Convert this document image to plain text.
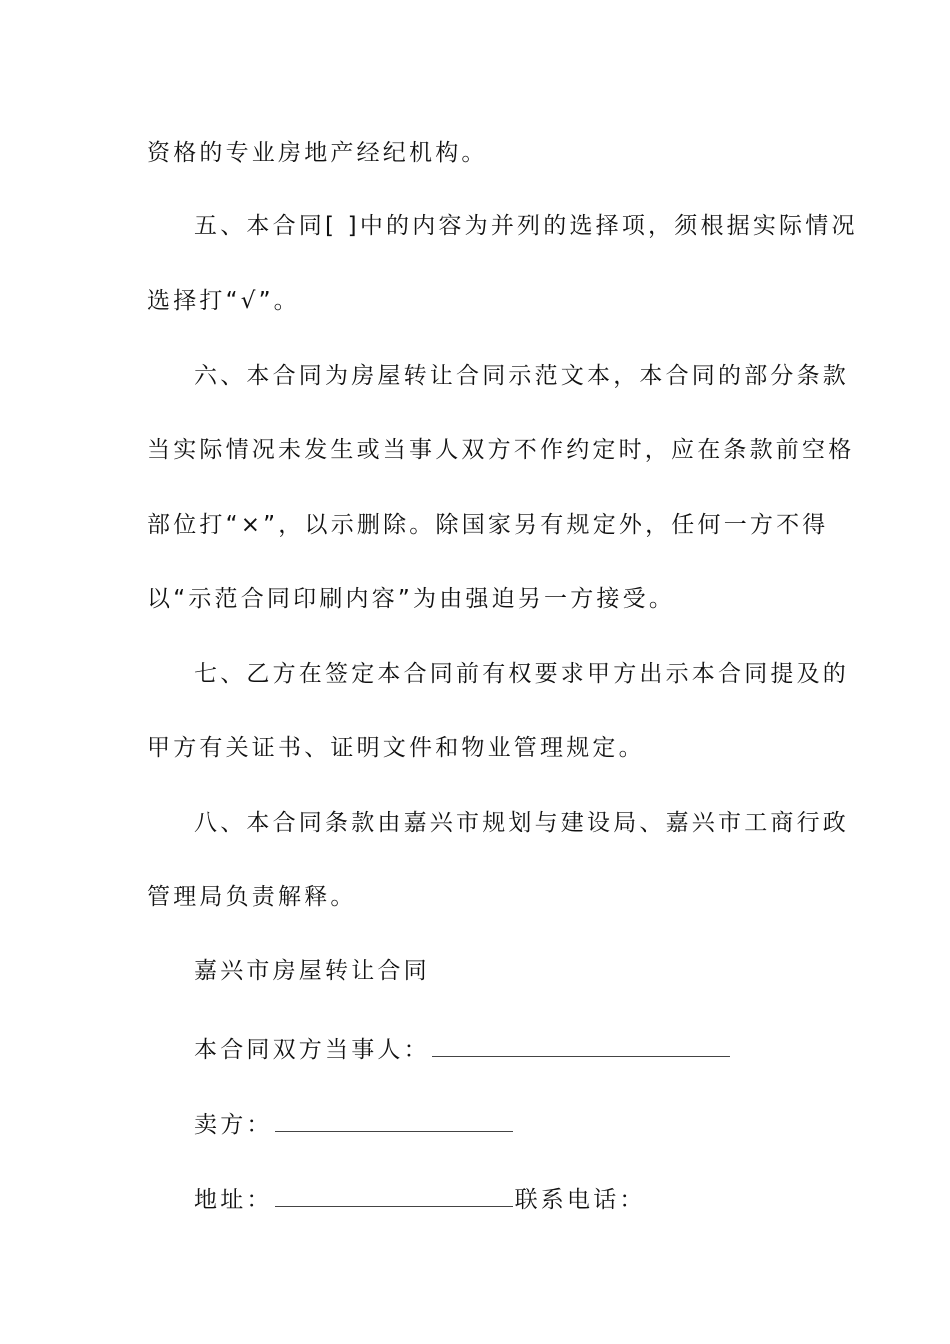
资格的专业房地产经纪机构。
五、本合同[ ]中的内容为并列的选择项，须根据实际情况
选择打“√”。
六、本合同为房屋转让合同示范文本，本合同的部分条款
当实际情况未发生或当事人双方不作约定时，应在条款前空格
部位打“×”，以示删除。除国家另有规定外，任何一方不得
以“示范合同印刷内容”为由强迫另一方接受。
七、乙方在签定本合同前有权要求甲方出示本合同提及的
甲方有关证书、证明文件和物业管理规定。
八、本合同条款由嘉兴市规划与建设局、嘉兴市工商行政
管理局负责解释。
嘉兴市房屋转让合同
本合同双方当事人：
卖方：
地址：	联系电话：
